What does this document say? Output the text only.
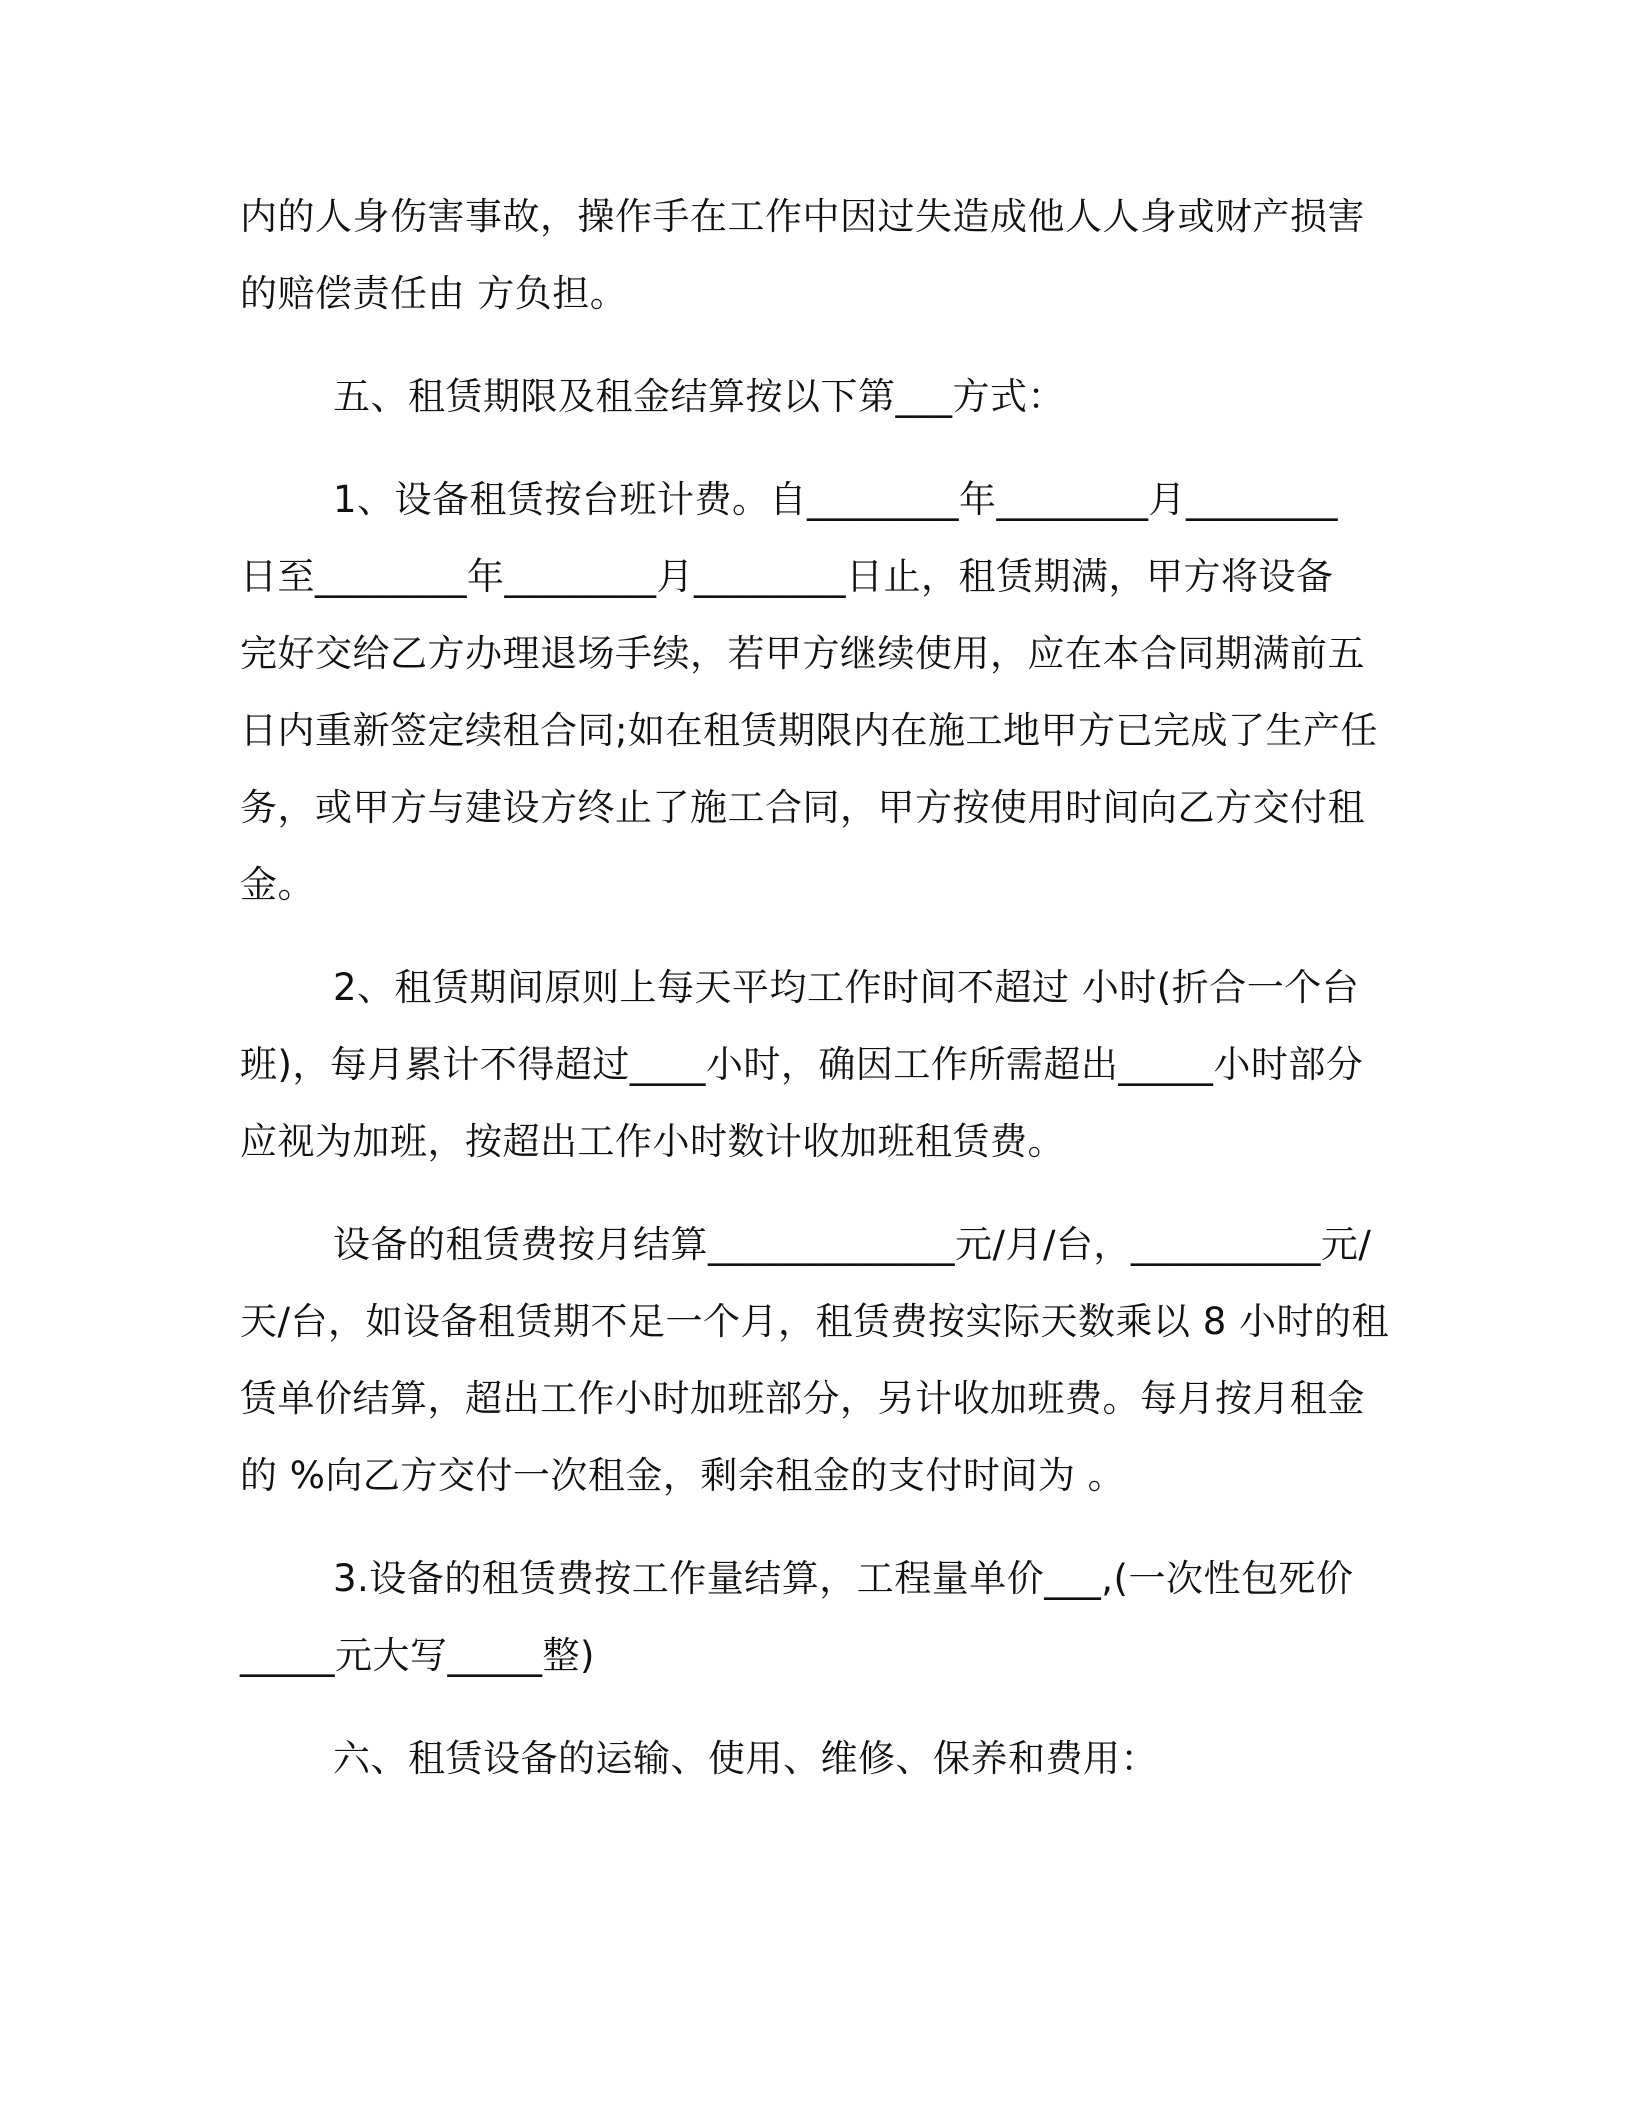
内的人身伤害事故，操作手在工作中因过失造成他人人身或财产损害
的赔偿责任由 方负担。
五、租赁期限及租金结算按以下第___方式：
1、设备租赁按台班计费。自________年________月________
日至________年________月________日止，租赁期满，甲方将设备
完好交给乙方办理退场手续，若甲方继续使用，应在本合同期满前五
日内重新签定续租合同;如在租赁期限内在施工地甲方已完成了生产任
务，或甲方与建设方终止了施工合同，甲方按使用时间向乙方交付租
金。
2、租赁期间原则上每天平均工作时间不超过 小时(折合一个台
班)，每月累计不得超过____小时，确因工作所需超出_____小时部分
应视为加班，按超出工作小时数计收加班租赁费。
设备的租赁费按月结算_____________元/月/台，__________元/
天/台，如设备租赁期不足一个月，租赁费按实际天数乘以 8 小时的租
赁单价结算，超出工作小时加班部分，另计收加班费。每月按月租金
的 %向乙方交付一次租金，剩余租金的支付时间为 。
3.设备的租赁费按工作量结算，工程量单价___,(一次性包死价
_____元大写_____整)
六、租赁设备的运输、使用、维修、保养和费用：
